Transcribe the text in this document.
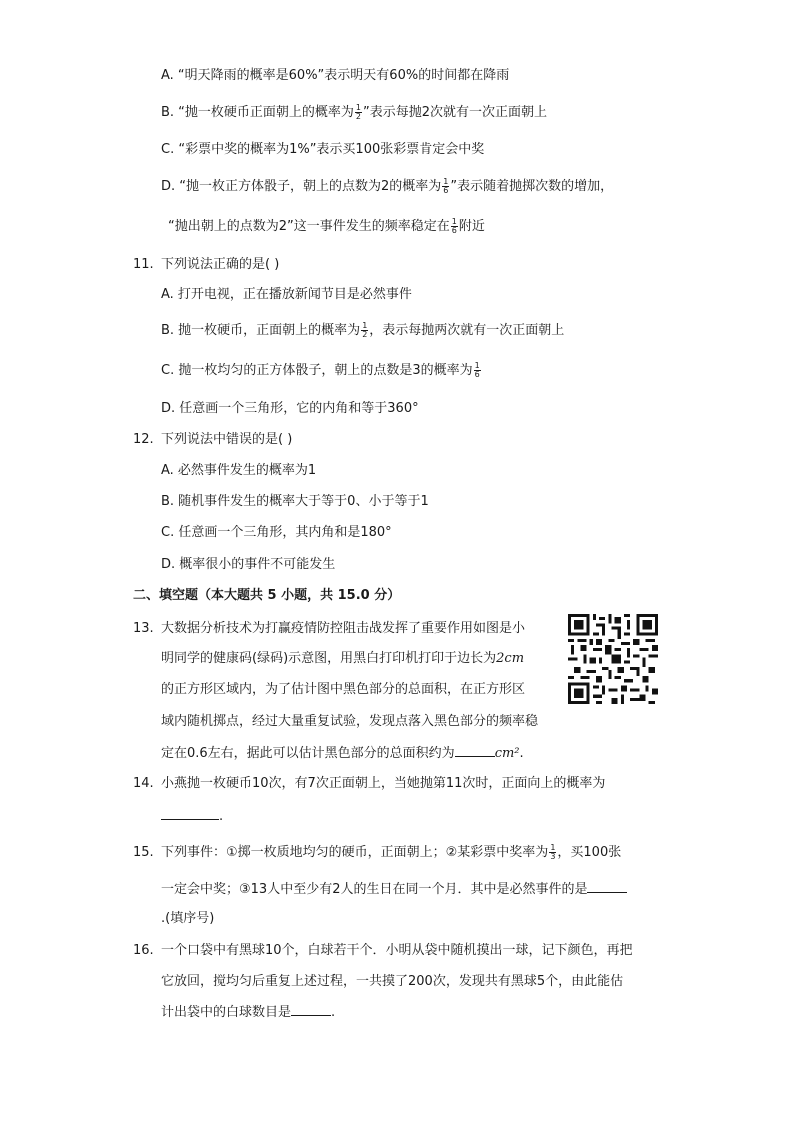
A. “明天降雨的概率是60%”表示明天有60%的时间都在降雨
B. “抛一枚硬币正面朝上的概率为 $\frac{1}{2}$ ”表示每抛2次就有一次正面朝上
C. “彩票中奖的概率为1%”表示买100张彩票肯定会中奖
D. “抛一枚正方体骰子，朝上的点数为2的概率为 $\frac{1}{6}$ ”表示随着抛掷次数的增加，
“抛出朝上的点数为2”这一事件发生的频率稳定在 $\frac{1}{6}$ 附近
11. 下列说法正确的是( )
A. 打开电视，正在播放新闻节目是必然事件
B. 抛一枚硬币，正面朝上的概率为 $\frac{1}{2}$ ，表示每抛两次就有一次正面朝上
C. 抛一枚均匀的正方体骰子，朝上的点数是3的概率为 $\frac{1}{6}$
D. 任意画一个三角形，它的内角和等于360°
12. 下列说法中错误的是( )
A. 必然事件发生的概率为1
B. 随机事件发生的概率大于等于0、小于等于1
C. 任意画一个三角形，其内角和是180°
D. 概率很小的事件不可能发生
二、填空题（本大题共 5 小题，共 15.0 分）
13. 大数据分析技术为打赢疫情防控阻击战发挥了重要作用如图是小
明同学的健康码(绿码)示意图，用黑白打印机打印于边长为2cm
的正方形区域内，为了估计图中黑色部分的总面积，在正方形区
域内随机掷点，经过大量重复试验，发现点落入黑色部分的频率稳
定在0.6左右，据此可以估计黑色部分的总面积约为	cm².
14. 小燕抛一枚硬币10次，有7次正面朝上，当她抛第11次时，正面向上的概率为
.
15. 下列事件：①掷一枚质地均匀的硬币，正面朝上；②某彩票中奖率为 $\frac{1}{3}$ ，买100张
一定会中奖；③13人中至少有2人的生日在同一个月．其中是必然事件的是
.(填序号)
16. 一个口袋中有黑球10个，白球若干个．小明从袋中随机摸出一球，记下颜色，再把
它放回，搅均匀后重复上述过程，一共摸了200次，发现共有黑球5个，由此能估
计出袋中的白球数目是	.
